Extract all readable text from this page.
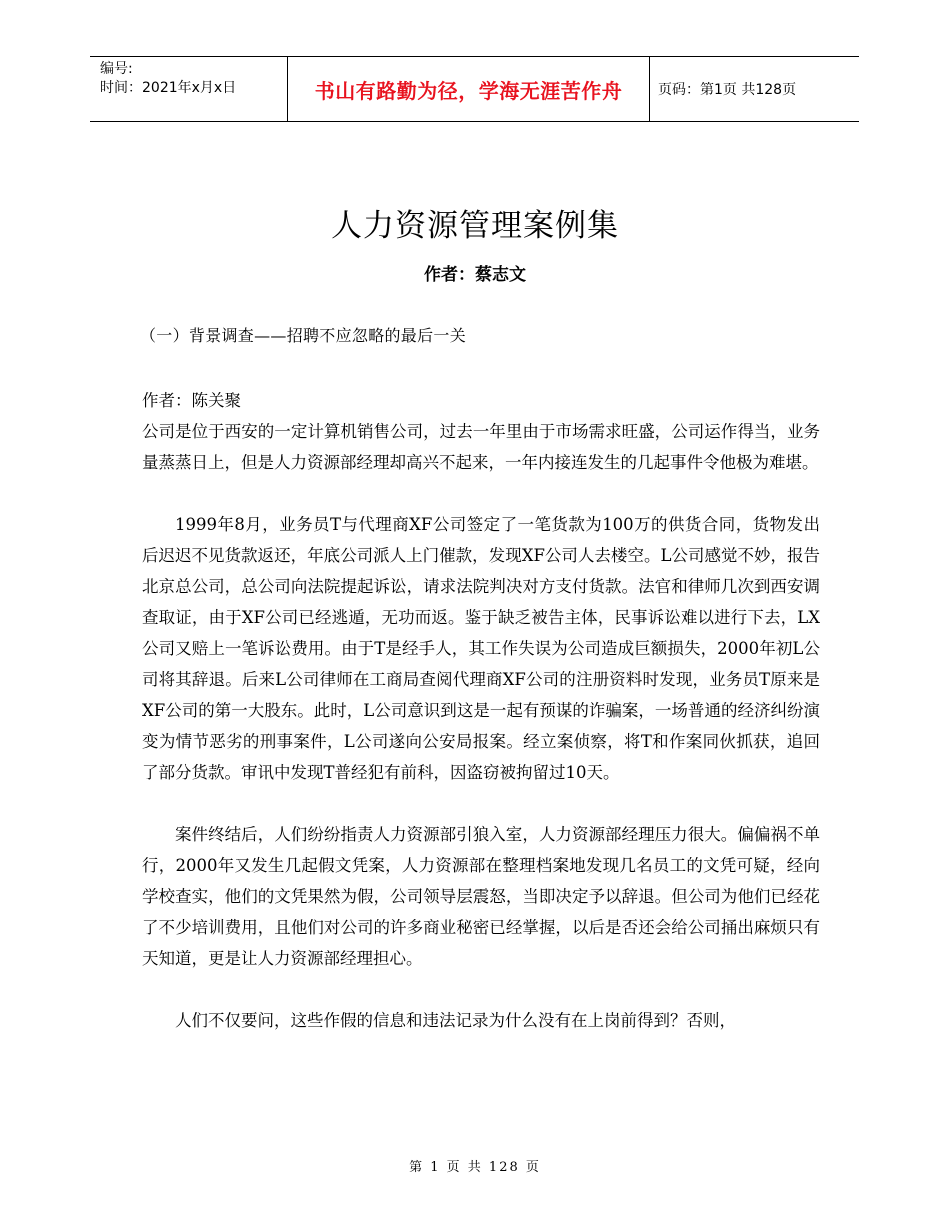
编号:
时间：2021年x月x日	书山有路勤为径，学海无涯苦作舟	页码：第1页 共128页
人力资源管理案例集
作者：蔡志文
（一）背景调查——招聘不应忽略的最后一关

作者：陈关聚

公司是位于西安的一定计算机销售公司，过去一年里由于市场需求旺盛，公司运作得当，业务量蒸蒸日上，但是人力资源部经理却高兴不起来，一年内接连发生的几起事件令他极为难堪。

1999年8月，业务员T与代理商XF公司签定了一笔货款为100万的供货合同，货物发出后迟迟不见货款返还，年底公司派人上门催款，发现XF公司人去楼空。L公司感觉不妙，报告北京总公司，总公司向法院提起诉讼，请求法院判决对方支付货款。法官和律师几次到西安调查取证，由于XF公司已经逃遁，无功而返。鉴于缺乏被告主体，民事诉讼难以进行下去，LX公司又赔上一笔诉讼费用。由于T是经手人，其工作失误为公司造成巨额损失，2000年初L公司将其辞退。后来L公司律师在工商局查阅代理商XF公司的注册资料时发现，业务员T原来是XF公司的第一大股东。此时，L公司意识到这是一起有预谋的诈骗案，一场普通的经济纠纷演变为情节恶劣的刑事案件，L公司遂向公安局报案。经立案侦察，将T和作案同伙抓获，追回了部分货款。审讯中发现T普经犯有前科，因盗窃被拘留过10天。

案件终结后，人们纷纷指责人力资源部引狼入室，人力资源部经理压力很大。偏偏祸不单行，2000年又发生几起假文凭案，人力资源部在整理档案地发现几名员工的文凭可疑，经向学校查实，他们的文凭果然为假，公司领导层震怒，当即决定予以辞退。但公司为他们已经花了不少培训费用，且他们对公司的许多商业秘密已经掌握，以后是否还会给公司捅出麻烦只有天知道，更是让人力资源部经理担心。

人们不仅要问，这些作假的信息和违法记录为什么没有在上岗前得到？否则，

第 1 页 共 128 页
